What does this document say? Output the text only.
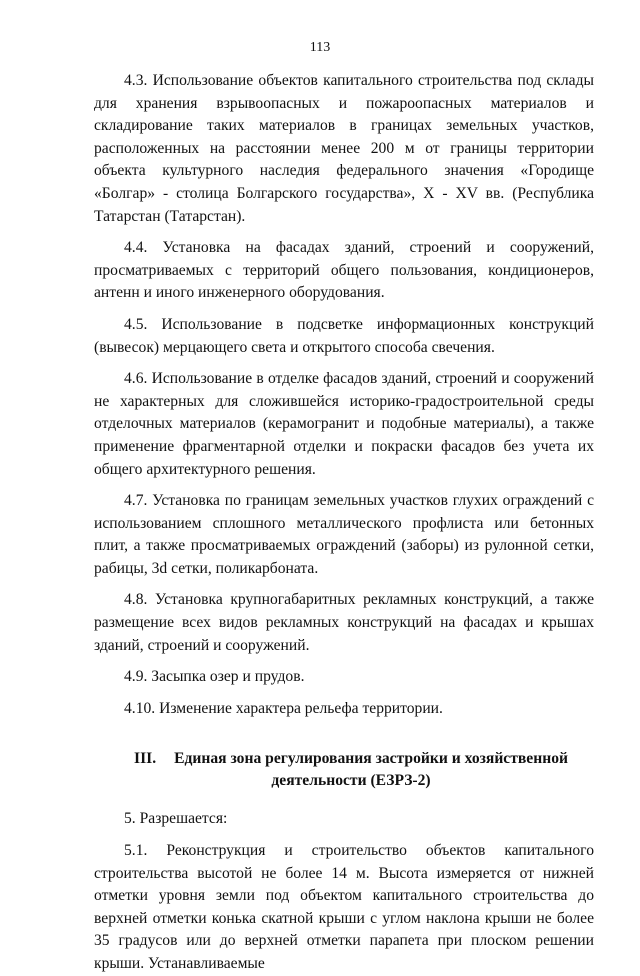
113

4.3. Использование объектов капитального строительства под склады для хранения взрывоопасных и пожароопасных материалов и складирование таких материалов в границах земельных участков, расположенных на расстоянии менее 200 м от границы территории объекта культурного наследия федерального значения «Городище «Болгар» - столица Болгарского государства», X - XV вв. (Республика Татарстан (Татарстан).

4.4. Установка на фасадах зданий, строений и сооружений, просматриваемых с территорий общего пользования, кондиционеров, антенн и иного инженерного оборудования.

4.5. Использование в подсветке информационных конструкций (вывесок) мерцающего света и открытого способа свечения.

4.6. Использование в отделке фасадов зданий, строений и сооружений не характерных для сложившейся историко-градостроительной среды отделочных материалов (керамогранит и подобные материалы), а также применение фрагментарной отделки и покраски фасадов без учета их общего архитектурного решения.

4.7. Установка по границам земельных участков глухих ограждений с использованием сплошного металлического профлиста или бетонных плит, а также просматриваемых ограждений (заборы) из рулонной сетки, рабицы, 3d сетки, поликарбоната.

4.8. Установка крупногабаритных рекламных конструкций, а также размещение всех видов рекламных конструкций на фасадах и крышах зданий, строений и сооружений.

4.9. Засыпка озер и прудов.

4.10. Изменение характера рельефа территории.

III. Единая зона регулирования застройки и хозяйственной
деятельности (ЕЗРЗ-2)

5. Разрешается:

5.1. Реконструкция и строительство объектов капитального строительства высотой не более 14 м. Высота измеряется от нижней отметки уровня земли под объектом капитального строительства до верхней отметки конька скатной крыши с углом наклона крыши не более 35 градусов или до верхней отметки парапета при плоском решении крыши. Устанавливаемые
